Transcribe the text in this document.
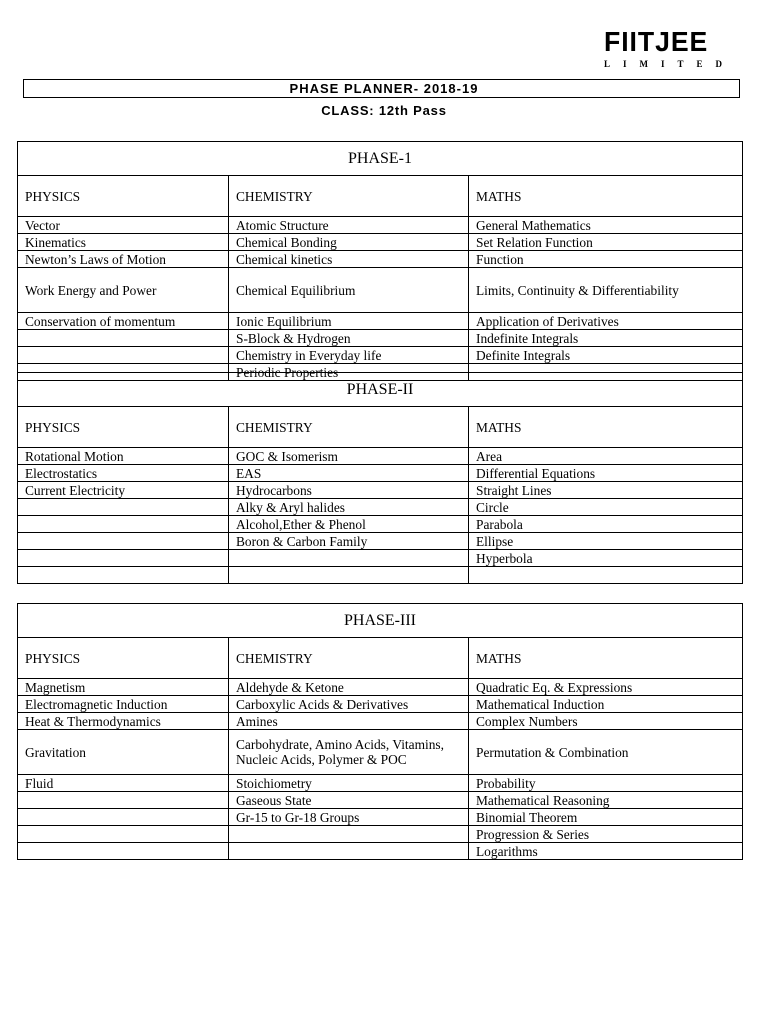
FIITJEE
LIMITED
PHASE PLANNER- 2018-19
CLASS: 12th Pass
PHASE-1		
PHYSICS	CHEMISTRY	MATHS
Vector	Atomic Structure	General Mathematics
Kinematics	Chemical Bonding	Set Relation Function
Newton’s Laws of Motion	Chemical kinetics	Function
Work Energy and Power	Chemical Equilibrium	Limits, Continuity & Differentiability
Conservation of momentum	Ionic Equilibrium	Application of Derivatives
	S-Block & Hydrogen	Indefinite Integrals
	Chemistry in Everyday life	Definite Integrals
	Periodic Properties	
PHASE-II		
PHYSICS	CHEMISTRY	MATHS
Rotational Motion	GOC & Isomerism	Area
Electrostatics	EAS	Differential Equations
Current Electricity	Hydrocarbons	Straight Lines
	Alky & Aryl halides	Circle
	Alcohol,Ether & Phenol	Parabola
	Boron & Carbon Family	Ellipse
		Hyperbola

PHASE-III		
PHYSICS	CHEMISTRY	MATHS
Magnetism	Aldehyde & Ketone	Quadratic Eq. & Expressions
Electromagnetic Induction	Carboxylic Acids & Derivatives	Mathematical Induction
Heat & Thermodynamics	Amines	Complex Numbers
Gravitation	Carbohydrate, Amino Acids, Vitamins, Nucleic Acids, Polymer & POC	Permutation & Combination
Fluid	Stoichiometry	Probability
	Gaseous State	Mathematical Reasoning
	Gr-15 to Gr-18 Groups	Binomial Theorem
		Progression & Series
		Logarithms
